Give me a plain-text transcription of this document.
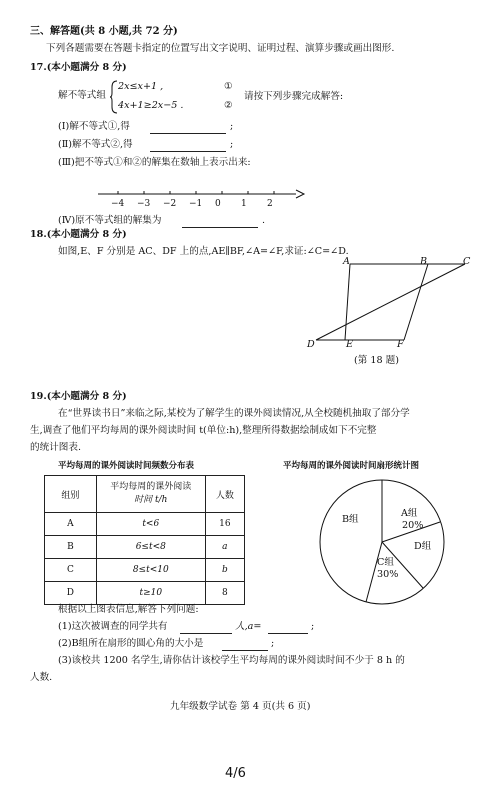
三、解答题(共 8 小题,共 72 分)
下列各题需要在答题卡指定的位置写出文字说明、证明过程、演算步骤或画出图形.
17.(本小题满分 8 分)
解不等式组
2x≤x+1 ,
4x+1≥2x−5 .
①
②
请按下列步骤完成解答:
(Ⅰ)解不等式①,得	;
(Ⅱ)解不等式②,得	;
(Ⅲ)把不等式①和②的解集在数轴上表示出来:
−4 −3 −2 −1 0 1 2
(Ⅳ)原不等式组的解集为	.
18.(本小题满分 8 分)
如图,E、F 分别是 AC、DF 上的点,AE∥BF,∠A=∠F,求证:∠C=∠D.
A	B	C
D	E	F
(第 18 题)
19.(本小题满分 8 分)
在“世界读书日”来临之际,某校为了解学生的课外阅读情况,从全校随机抽取了部分学
生,调查了他们平均每周的课外阅读时间 t(单位:h),整理所得数据绘制成如下不完整
的统计图表.
平均每周的课外阅读时间频数分布表	平均每周的课外阅读时间扇形统计图
组别	平均每周的课外阅读
时间 t/h	人数
A	t<6	16
B	6≤t<8	a
C	8≤t<10	b
D	t≥10	8
B组
A组
20%
D组
C组
30%
根据以上图表信息,解答下列问题:
(1)这次被调查的同学共有	人,a=	;
(2)B组所在扇形的圆心角的大小是	;
(3)该校共 1200 名学生,请你估计该校学生平均每周的课外阅读时间不少于 8 h 的
人数.
九年级数学试卷 第 4 页(共 6 页)
4/6
